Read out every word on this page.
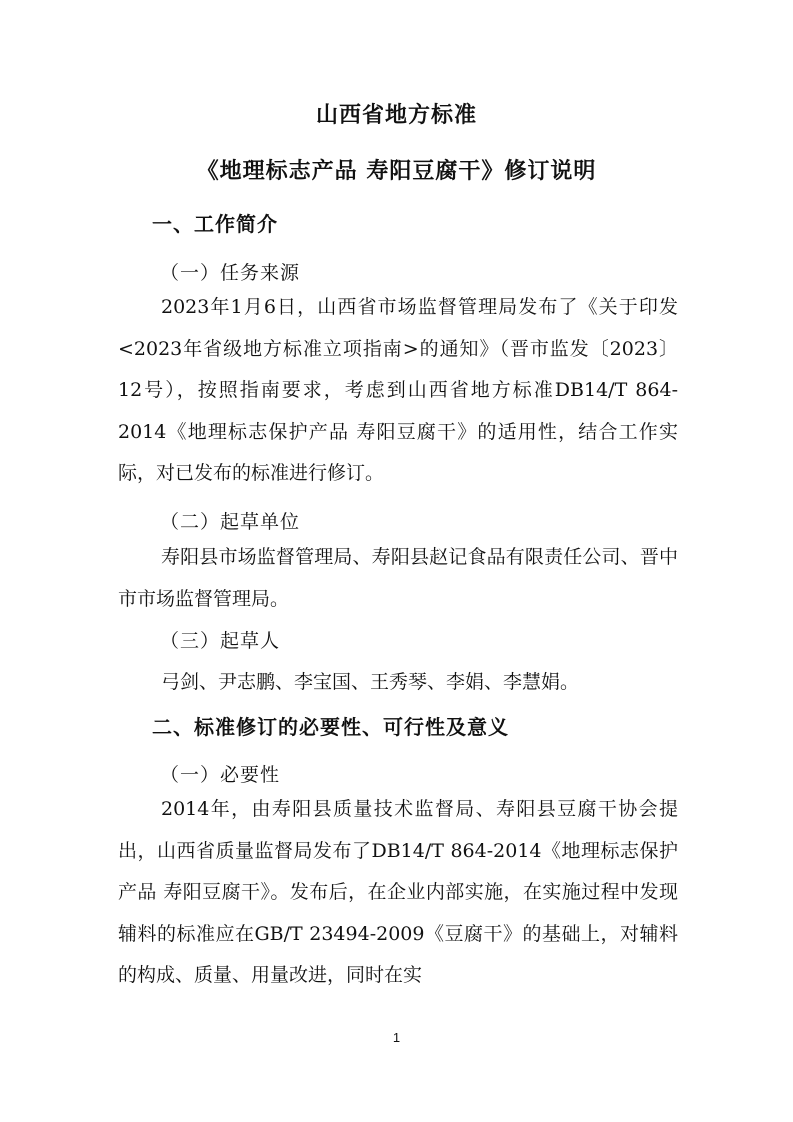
山西省地方标准
《地理标志产品 寿阳豆腐干》修订说明
一、工作简介
（一）任务来源
2023年1月6日，山西省市场监督管理局发布了《关于印发<2023年省级地方标准立项指南>的通知》（晋市监发〔2023〕12号），按照指南要求，考虑到山西省地方标准DB14/T 864-2014《地理标志保护产品 寿阳豆腐干》的适用性，结合工作实际，对已发布的标准进行修订。
（二）起草单位
寿阳县市场监督管理局、寿阳县赵记食品有限责任公司、晋中市市场监督管理局。
（三）起草人
弓剑、尹志鹏、李宝国、王秀琴、李娟、李慧娟。
二、标准修订的必要性、可行性及意义
（一）必要性
2014年，由寿阳县质量技术监督局、寿阳县豆腐干协会提出，山西省质量监督局发布了DB14/T 864-2014《地理标志保护产品 寿阳豆腐干》。发布后，在企业内部实施，在实施过程中发现辅料的标准应在GB/T 23494-2009《豆腐干》的基础上，对辅料的构成、质量、用量改进，同时在实
1
